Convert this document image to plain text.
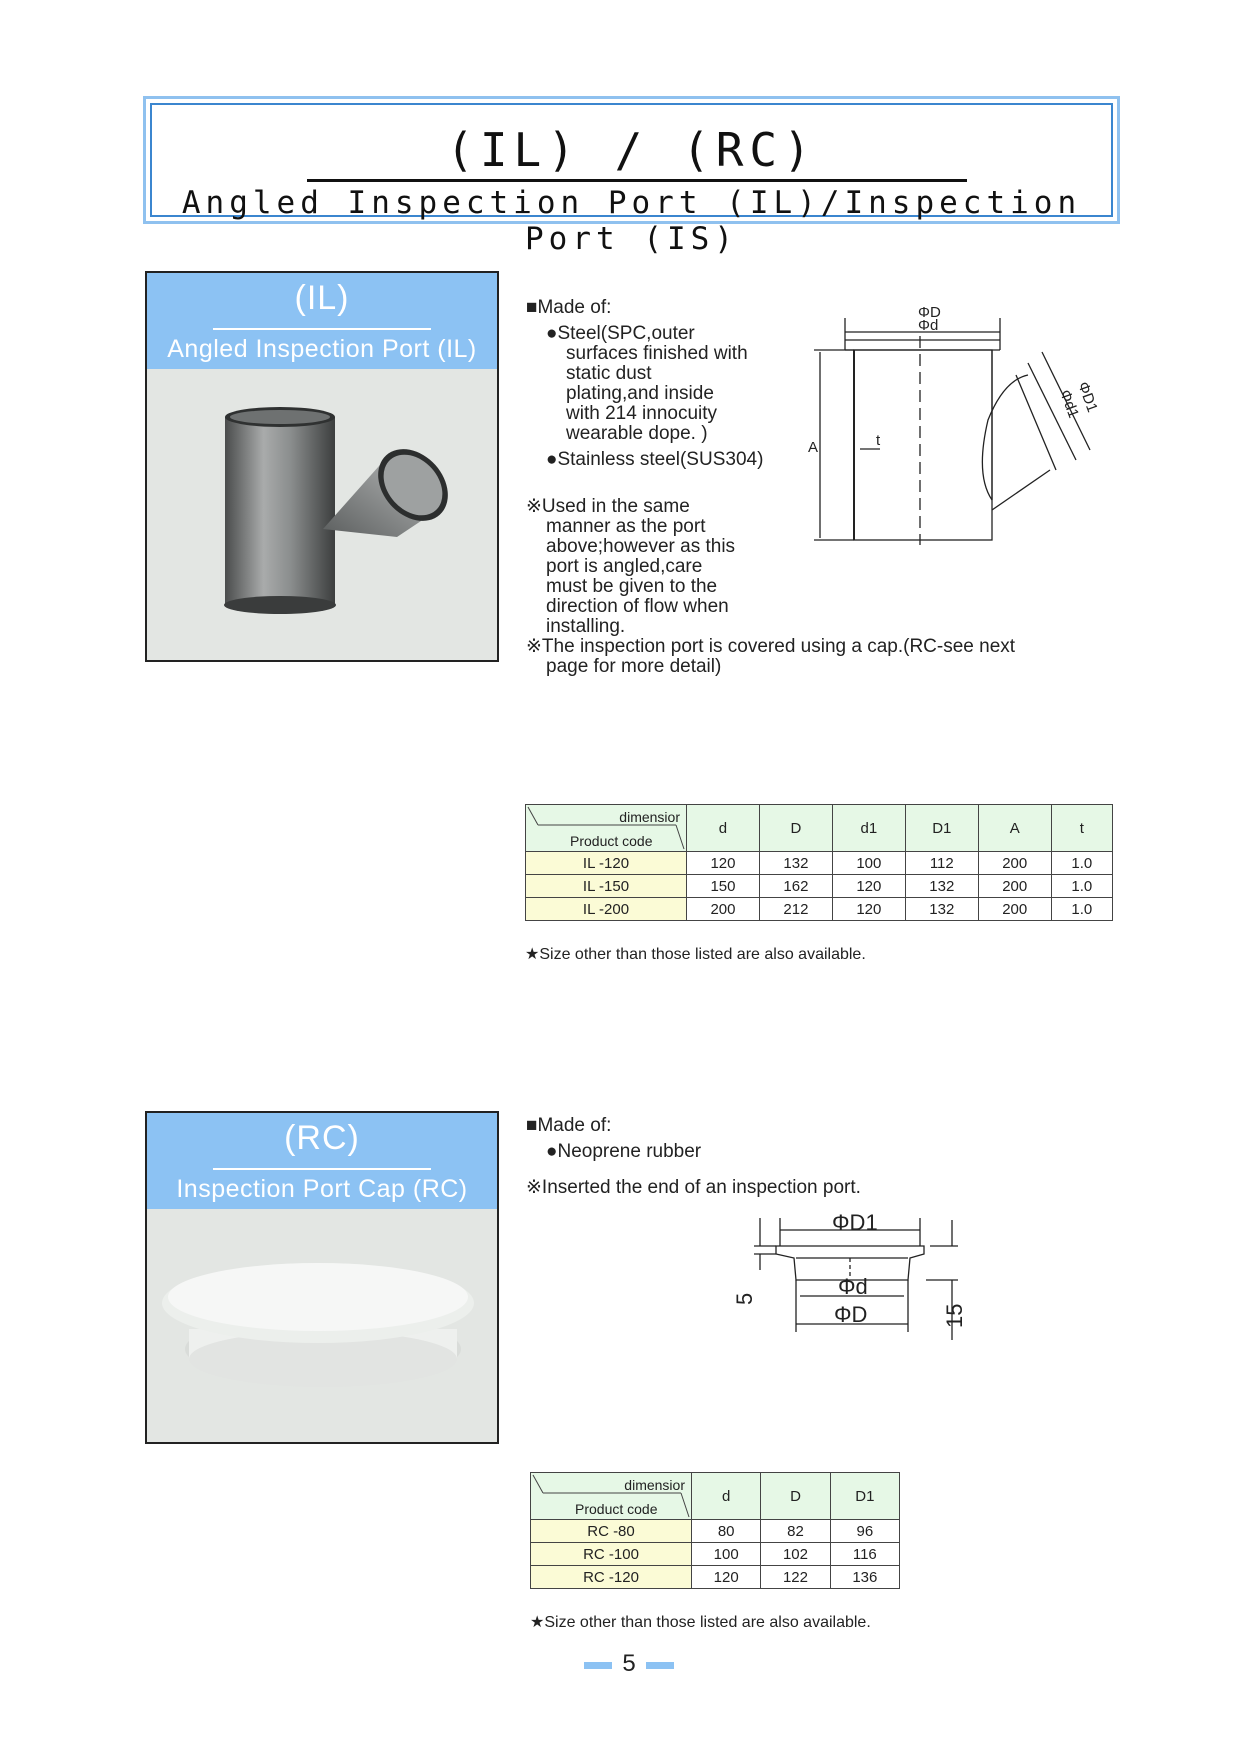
(IL) / (RC)
Angled Inspection Port (IL)/Inspection Port (IS)
(IL)
Angled Inspection Port (IL)
■Made of:
●Steel(SPC,outer
surfaces finished with
static dust
plating,and inside
with 214 innocuity
wearable dope. )
●Stainless steel(SUS304)
※Used in the same
manner as the port
above;however as this
port is angled,care
must be given to the
direction of flow when
installing.
※The inspection port is covered using a cap.(RC-see next
page for more detail)
ΦD
Φd
A	t
Φd1
ΦD1
dimensior
Product code	d	D	d1	D1	A	t
IL -120	120	132	100	112	200	1.0
IL -150	150	162	120	132	200	1.0
IL -200	200	212	120	132	200	1.0
★Size other than those listed are also available.
(RC)
Inspection Port Cap (RC)
■Made of:
●Neoprene rubber
※Inserted the end of an inspection port.
ΦD1
Φd
ΦD
5
15
dimensior
Product code	d	D	D1
RC -80	80	82	96
RC -100	100	102	116
RC -120	120	122	136
★Size other than those listed are also available.
5
